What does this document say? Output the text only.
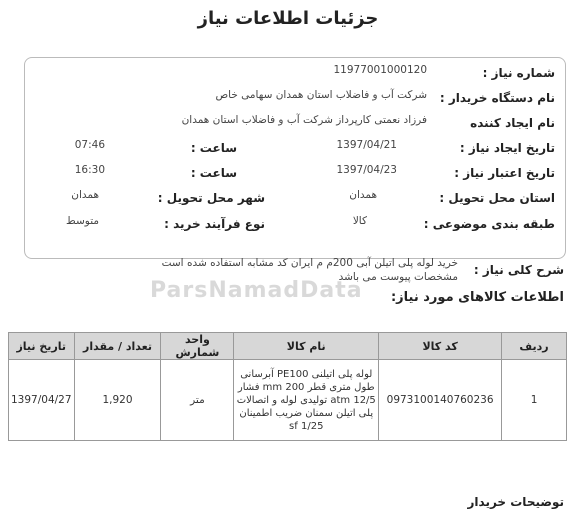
جزئیات اطلاعات نیاز
شماره نیاز :
11977001000120
نام دستگاه خریدار :
شرکت آب و فاضلاب استان همدان سهامی خاص
نام ایجاد کننده
فرزاد نعمتی کارپرداز شرکت آب و فاضلاب استان همدان
تاریخ ایجاد نیاز :
1397/04/21
ساعت :
07:46
تاریخ اعتبار نیاز :
1397/04/23
ساعت :
16:30
استان محل تحویل :
همدان
شهر محل تحویل :
همدان
طبقه بندی موضوعی :
کالا
نوع فرآیند خرید :
متوسط
شرح کلی نیاز :
خرید لوله پلی اتیلن آبی 200م م ایران کد مشابه استفاده شده است مشخصات پیوست می باشد
ParsNamadData اطلاعات کالاهای مورد نیاز:
ردیف	کد کالا	نام کالا	واحد شمارش	تعداد / مقدار	تاریخ نیاز
1	0973100140760236	لوله پلی اتیلنی PE100 آبرسانی طول متری قطر 200 mm فشار 12/5 atm تولیدی لوله و اتصالات پلی اتیلن سمنان ضریب اطمینان 1/25 sf	متر	1,920	1397/04/27
توضیحات خریدار
